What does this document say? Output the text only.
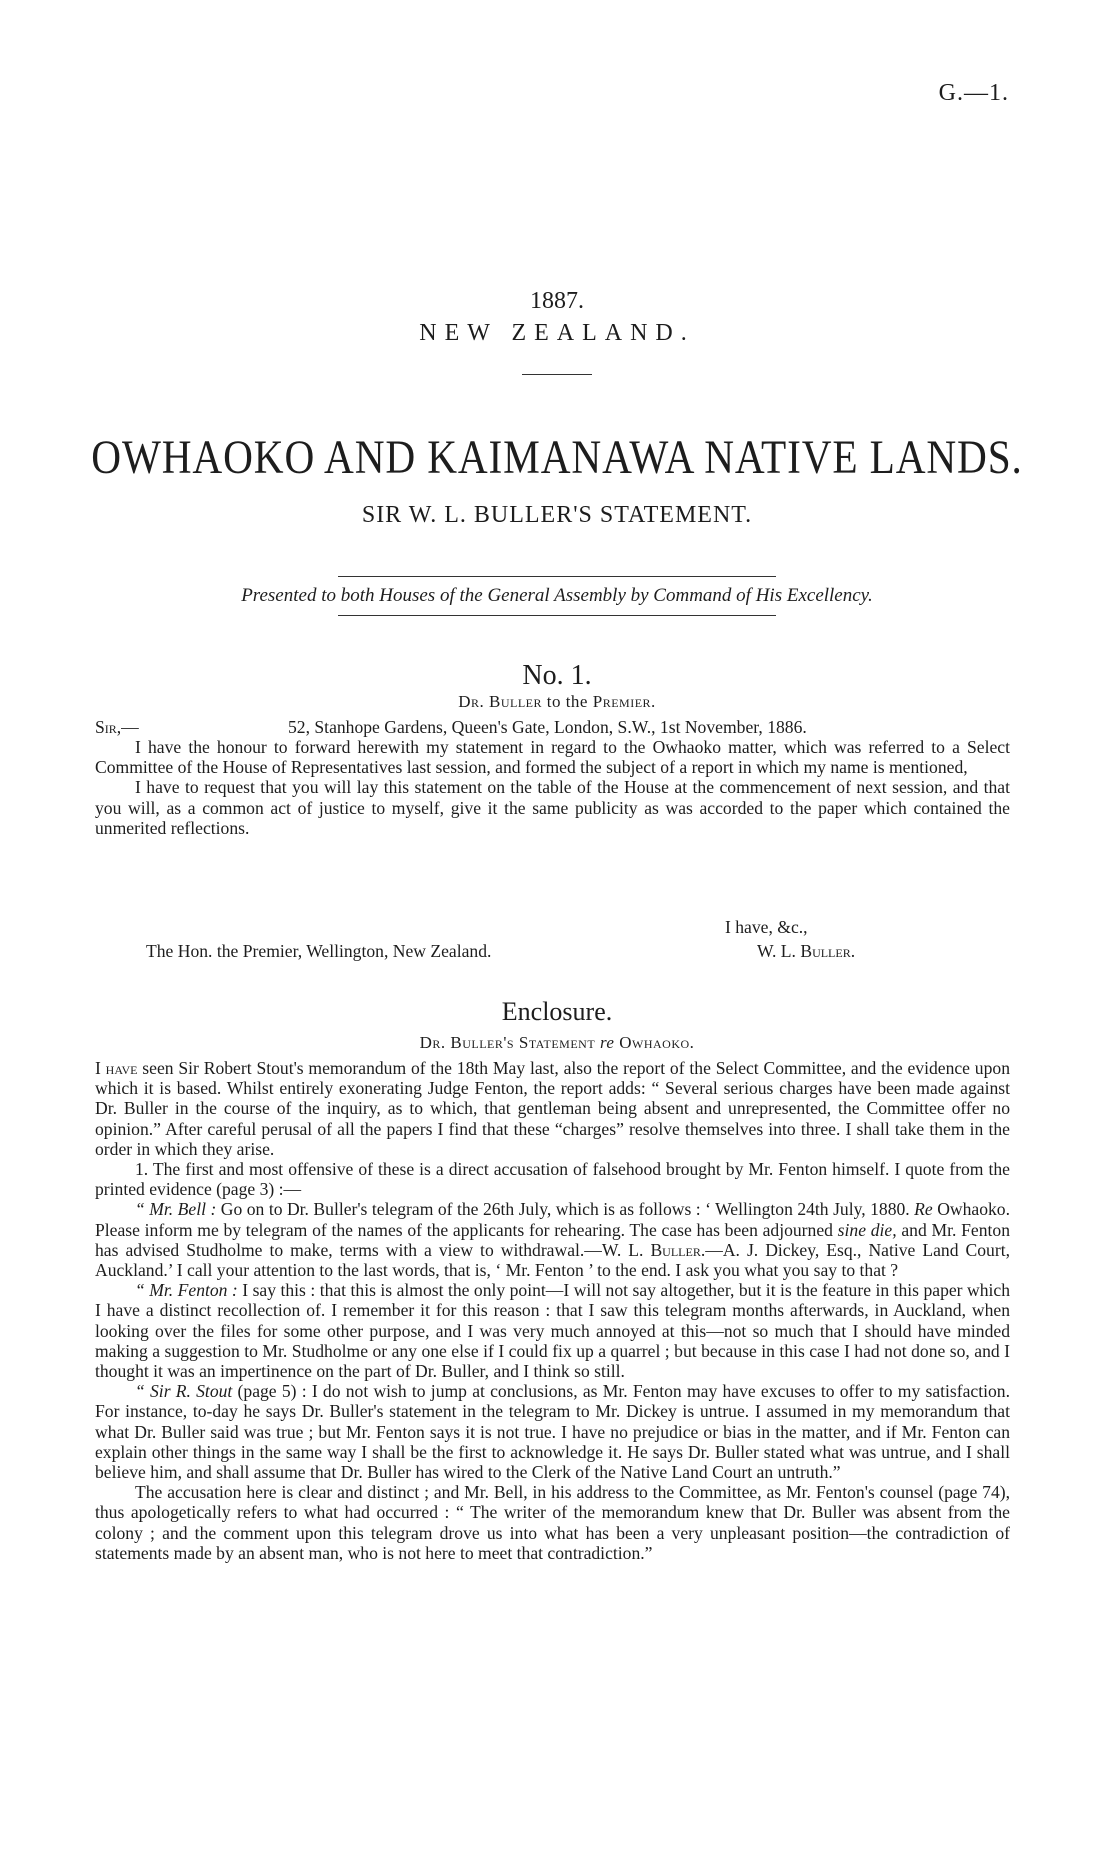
G.—1.
1887.
NEW ZEALAND.
OWHAOKO AND KAIMANAWA NATIVE LANDS.
SIR W. L. BULLER'S STATEMENT.
Presented to both Houses of the General Assembly by Command of His Excellency.
No. 1.
Dr. Buller to the Premier.
Sir,—	52, Stanhope Gardens, Queen's Gate, London, S.W., 1st November, 1886.

I have the honour to forward herewith my statement in regard to the Owhaoko matter, which was referred to a Select Committee of the House of Representatives last session, and formed the subject of a report in which my name is mentioned,

I have to request that you will lay this statement on the table of the House at the commencement of next session, and that you will, as a common act of justice to myself, give it the same publicity as was accorded to the paper which contained the unmerited reflections.

I have, &c.,
The Hon. the Premier, Wellington, New Zealand.	W. L. Buller.
Enclosure.
Dr. Buller's Statement re Owhaoko.

I have seen Sir Robert Stout's memorandum of the 18th May last, also the report of the Select Committee, and the evidence upon which it is based. Whilst entirely exonerating Judge Fenton, the report adds: “ Several serious charges have been made against Dr. Buller in the course of the inquiry, as to which, that gentleman being absent and unrepresented, the Committee offer no opinion.” After careful perusal of all the papers I find that these “charges” resolve themselves into three. I shall take them in the order in which they arise.

1. The first and most offensive of these is a direct accusation of falsehood brought by Mr. Fenton himself. I quote from the printed evidence (page 3) :—

“ Mr. Bell : Go on to Dr. Buller's telegram of the 26th July, which is as follows : ‘ Wellington 24th July, 1880. Re Owhaoko. Please inform me by telegram of the names of the applicants for rehearing. The case has been adjourned sine die, and Mr. Fenton has advised Studholme to make, terms with a view to withdrawal.—W. L. Buller.—A. J. Dickey, Esq., Native Land Court, Auckland.’ I call your attention to the last words, that is, ‘ Mr. Fenton ’ to the end. I ask you what you say to that ?

“ Mr. Fenton : I say this : that this is almost the only point—I will not say altogether, but it is the feature in this paper which I have a distinct recollection of. I remember it for this reason : that I saw this telegram months afterwards, in Auckland, when looking over the files for some other purpose, and I was very much annoyed at this—not so much that I should have minded making a suggestion to Mr. Studholme or any one else if I could fix up a quarrel ; but because in this case I had not done so, and I thought it was an impertinence on the part of Dr. Buller, and I think so still.

“ Sir R. Stout (page 5) : I do not wish to jump at conclusions, as Mr. Fenton may have excuses to offer to my satisfaction. For instance, to-day he says Dr. Buller's statement in the telegram to Mr. Dickey is untrue. I assumed in my memorandum that what Dr. Buller said was true ; but Mr. Fenton says it is not true. I have no prejudice or bias in the matter, and if Mr. Fenton can explain other things in the same way I shall be the first to acknowledge it. He says Dr. Buller stated what was untrue, and I shall believe him, and shall assume that Dr. Buller has wired to the Clerk of the Native Land Court an untruth.”

The accusation here is clear and distinct ; and Mr. Bell, in his address to the Committee, as Mr. Fenton's counsel (page 74), thus apologetically refers to what had occurred : “ The writer of the memorandum knew that Dr. Buller was absent from the colony ; and the comment upon this telegram drove us into what has been a very unpleasant position—the contradiction of statements made by an absent man, who is not here to meet that contradiction.”
